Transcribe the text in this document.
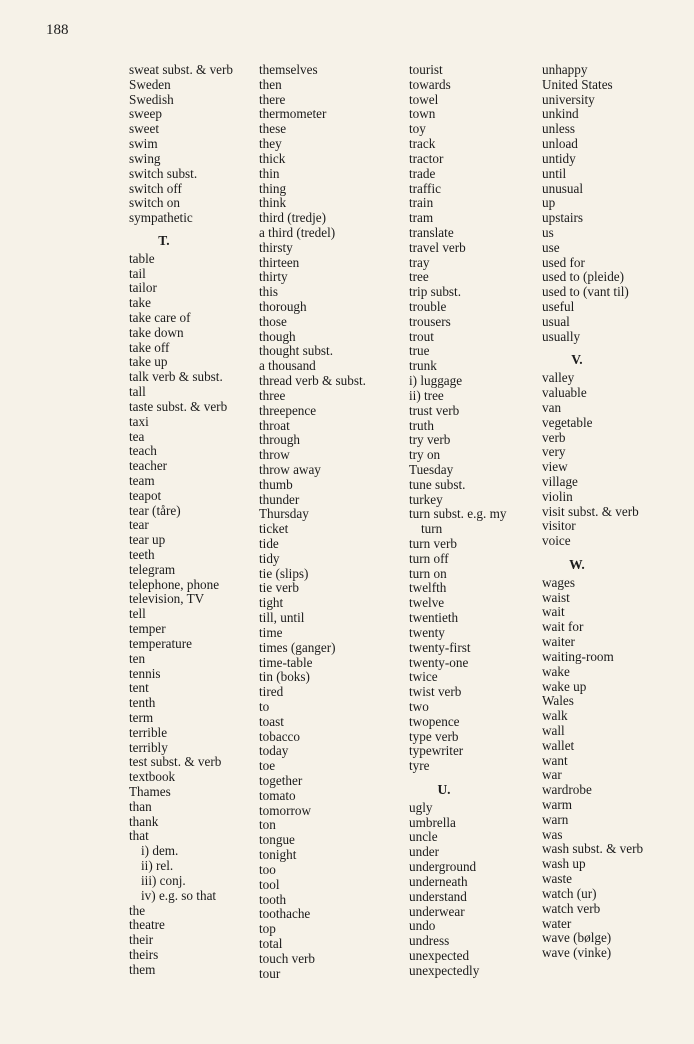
188
sweat subst. & verb
Sweden
Swedish
sweep
sweet
swim
swing
switch subst.
switch off
switch on
sympathetic
T.
table
tail
tailor
take
take care of
take down
take off
take up
talk verb & subst.
tall
taste subst. & verb
taxi
tea
teach
teacher
team
teapot
tear (tåre)
tear
tear up
teeth
telegram
telephone, phone
television, TV
tell
temper
temperature
ten
tennis
tent
tenth
term
terrible
terribly
test subst. & verb
textbook
Thames
than
thank
that
i) dem.
ii) rel.
iii) conj.
iv) e.g. so that
the
theatre
their
theirs
them
themselves
then
there
thermometer
these
they
thick
thin
thing
think
third (tredje)
a third (tredel)
thirsty
thirteen
thirty
this
thorough
those
though
thought subst.
a thousand
thread verb & subst.
three
threepence
throat
through
throw
throw away
thumb
thunder
Thursday
ticket
tide
tidy
tie (slips)
tie verb
tight
till, until
time
times (ganger)
time-table
tin (boks)
tired
to
toast
tobacco
today
toe
together
tomato
tomorrow
ton
tongue
tonight
too
tool
tooth
toothache
top
total
touch verb
tour
tourist
towards
towel
town
toy
track
tractor
trade
traffic
train
tram
translate
travel verb
tray
tree
trip subst.
trouble
trousers
trout
true
trunk
i) luggage
ii) tree
trust verb
truth
try verb
try on
Tuesday
tune subst.
turkey
turn subst. e.g. my
turn
turn verb
turn off
turn on
twelfth
twelve
twentieth
twenty
twenty-first
twenty-one
twice
twist verb
two
twopence
type verb
typewriter
tyre
U.
ugly
umbrella
uncle
under
underground
underneath
understand
underwear
undo
undress
unexpected
unexpectedly
unhappy
United States
university
unkind
unless
unload
untidy
until
unusual
up
upstairs
us
use
used for
used to (pleide)
used to (vant til)
useful
usual
usually
V.
valley
valuable
van
vegetable
verb
very
view
village
violin
visit subst. & verb
visitor
voice
W.
wages
waist
wait
wait for
waiter
waiting-room
wake
wake up
Wales
walk
wall
wallet
want
war
wardrobe
warm
warn
was
wash subst. & verb
wash up
waste
watch (ur)
watch verb
water
wave (bølge)
wave (vinke)
